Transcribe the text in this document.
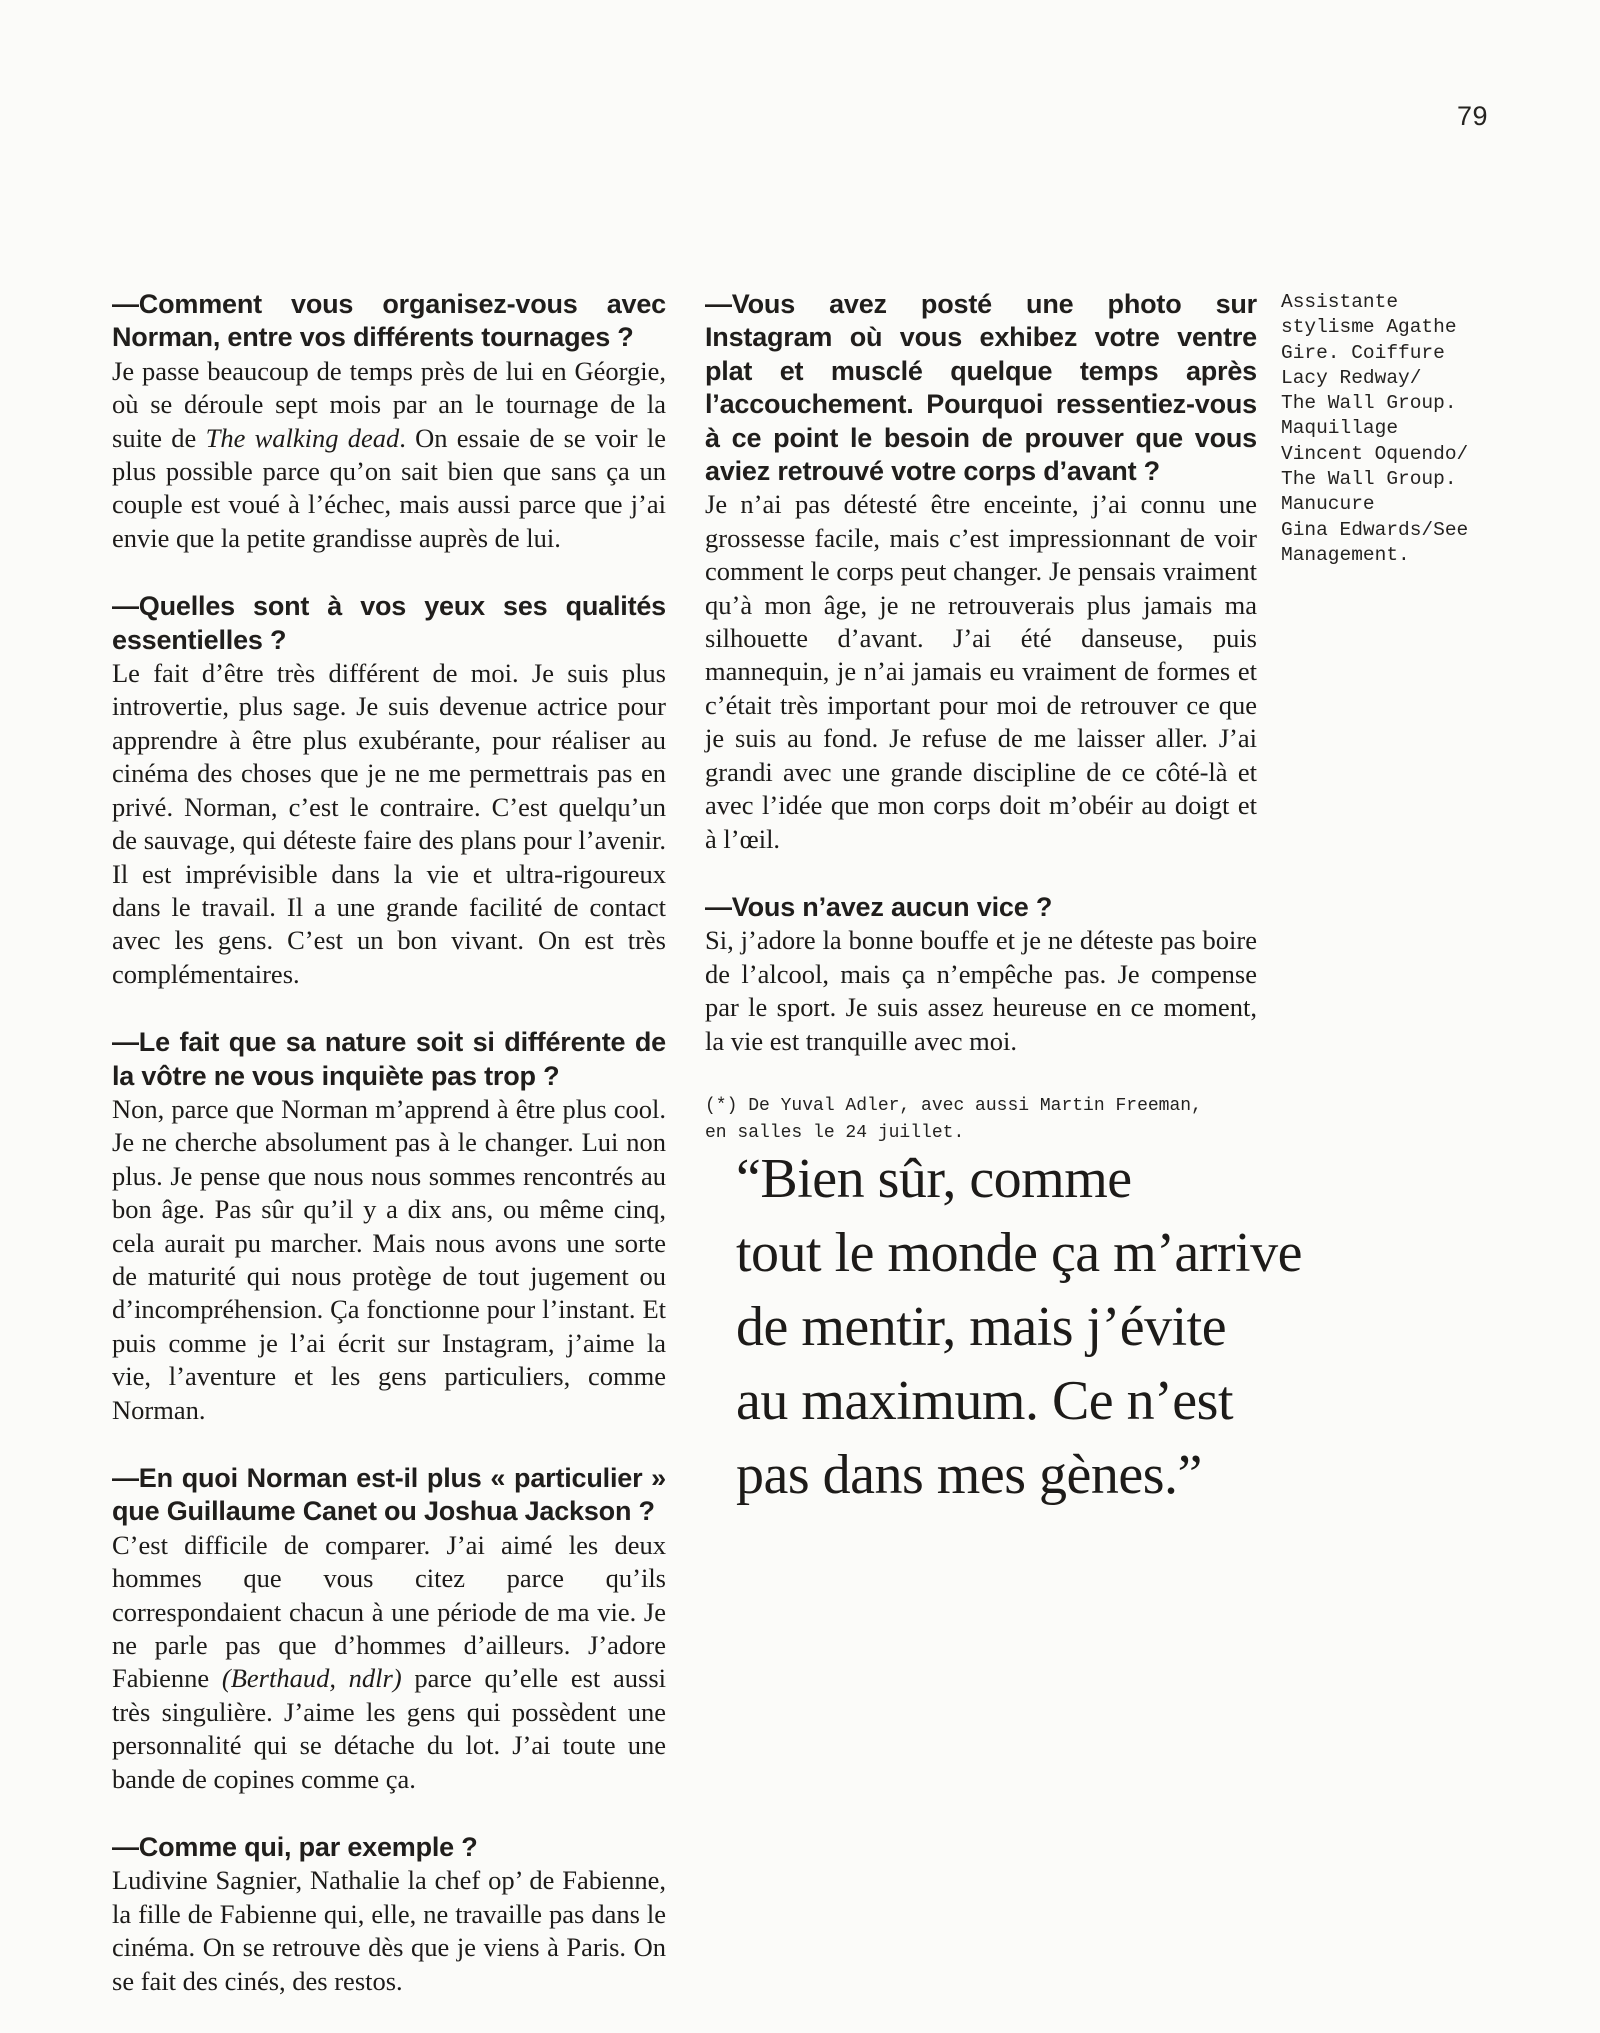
79
—Comment vous organisez-vous avec Norman, entre vos différents tournages ?

Je passe beaucoup de temps près de lui en Géorgie, où se déroule sept mois par an le tournage de la suite de The walking dead. On essaie de se voir le plus possible parce qu’on sait bien que sans ça un couple est voué à l’échec, mais aussi parce que j’ai envie que la petite grandisse auprès de lui.

—Quelles sont à vos yeux ses qualités essentielles ?

Le fait d’être très différent de moi. Je suis plus introvertie, plus sage. Je suis devenue actrice pour apprendre à être plus exubérante, pour réaliser au cinéma des choses que je ne me permettrais pas en privé. Norman, c’est le contraire. C’est quelqu’un de sauvage, qui déteste faire des plans pour l’avenir. Il est imprévisible dans la vie et ultra-rigoureux dans le travail. Il a une grande facilité de contact avec les gens. C’est un bon vivant. On est très complémentaires.

—Le fait que sa nature soit si différente de la vôtre ne vous inquiète pas trop ?

Non, parce que Norman m’apprend à être plus cool. Je ne cherche absolument pas à le changer. Lui non plus. Je pense que nous nous sommes rencontrés au bon âge. Pas sûr qu’il y a dix ans, ou même cinq, cela aurait pu marcher. Mais nous avons une sorte de maturité qui nous protège de tout jugement ou d’incompréhension. Ça fonctionne pour l’instant. Et puis comme je l’ai écrit sur Instagram, j’aime la vie, l’aventure et les gens particuliers, comme Norman.

—En quoi Norman est-il plus « particulier » que Guillaume Canet ou Joshua Jackson ?

C’est difficile de comparer. J’ai aimé les deux hommes que vous citez parce qu’ils correspondaient chacun à une période de ma vie. Je ne parle pas que d’hommes d’ailleurs. J’adore Fabienne (Berthaud, ndlr) parce qu’elle est aussi très singulière. J’aime les gens qui possèdent une personnalité qui se détache du lot. J’ai toute une bande de copines comme ça.

—Comme qui, par exemple ?

Ludivine Sagnier, Nathalie la chef op’ de Fabienne, la fille de Fabienne qui, elle, ne travaille pas dans le cinéma. On se retrouve dès que je viens à Paris. On se fait des cinés, des restos.

—Vous avez posté une photo sur Instagram où vous exhibez votre ventre plat et musclé quelque temps après l’accouchement. Pourquoi ressentiez-vous à ce point le besoin de prouver que vous aviez retrouvé votre corps d’avant ?

Je n’ai pas détesté être enceinte, j’ai connu une grossesse facile, mais c’est impressionnant de voir comment le corps peut changer. Je pensais vraiment qu’à mon âge, je ne retrouverais plus jamais ma silhouette d’avant. J’ai été danseuse, puis mannequin, je n’ai jamais eu vraiment de formes et c’était très important pour moi de retrouver ce que je suis au fond. Je refuse de me laisser aller. J’ai grandi avec une grande discipline de ce côté-là et avec l’idée que mon corps doit m’obéir au doigt et à l’œil.

—Vous n’avez aucun vice ?

Si, j’adore la bonne bouffe et je ne déteste pas boire de l’alcool, mais ça n’empêche pas. Je compense par le sport. Je suis assez heureuse en ce moment, la vie est tranquille avec moi.

(*) De Yuval Adler, avec aussi Martin Freeman,
en salles le 24 juillet.
Assistante
stylisme Agathe
Gire. Coiffure
Lacy Redway/
The Wall Group.
Maquillage
Vincent Oquendo/
The Wall Group.
Manucure
Gina Edwards/See
Management.
“Bien sûr, comme
tout le monde ça m’arrive
de mentir, mais j’évite
au maximum. Ce n’est
pas dans mes gènes.”
